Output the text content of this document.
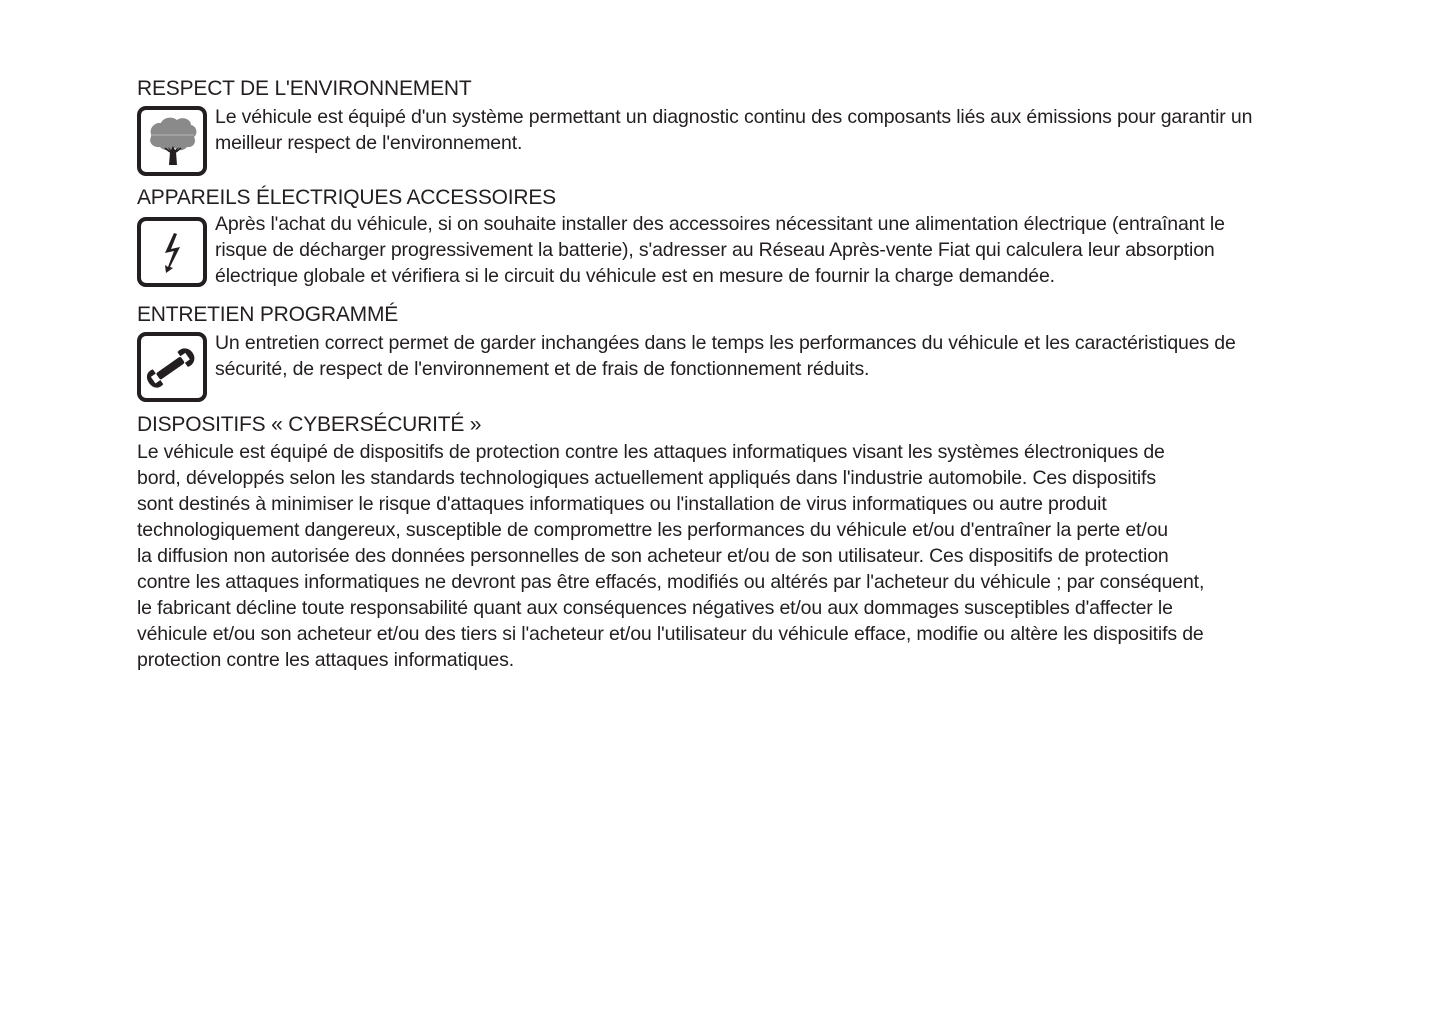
RESPECT DE L'ENVIRONNEMENT
Le véhicule est équipé d'un système permettant un diagnostic continu des composants liés aux émissions pour garantir un
meilleur respect de l'environnement.
APPAREILS ÉLECTRIQUES ACCESSOIRES
Après l'achat du véhicule, si on souhaite installer des accessoires nécessitant une alimentation électrique (entraînant le
risque de décharger progressivement la batterie), s'adresser au Réseau Après-vente Fiat qui calculera leur absorption
électrique globale et vérifiera si le circuit du véhicule est en mesure de fournir la charge demandée.
ENTRETIEN PROGRAMMÉ
Un entretien correct permet de garder inchangées dans le temps les performances du véhicule et les caractéristiques de
sécurité, de respect de l'environnement et de frais de fonctionnement réduits.
DISPOSITIFS « CYBERSÉCURITÉ »
Le véhicule est équipé de dispositifs de protection contre les attaques informatiques visant les systèmes électroniques de
bord, développés selon les standards technologiques actuellement appliqués dans l'industrie automobile. Ces dispositifs
sont destinés à minimiser le risque d'attaques informatiques ou l'installation de virus informatiques ou autre produit
technologiquement dangereux, susceptible de compromettre les performances du véhicule et/ou d'entraîner la perte et/ou
la diffusion non autorisée des données personnelles de son acheteur et/ou de son utilisateur. Ces dispositifs de protection
contre les attaques informatiques ne devront pas être effacés, modifiés ou altérés par l'acheteur du véhicule ; par conséquent,
le fabricant décline toute responsabilité quant aux conséquences négatives et/ou aux dommages susceptibles d'affecter le
véhicule et/ou son acheteur et/ou des tiers si l'acheteur et/ou l'utilisateur du véhicule efface, modifie ou altère les dispositifs de
protection contre les attaques informatiques.
